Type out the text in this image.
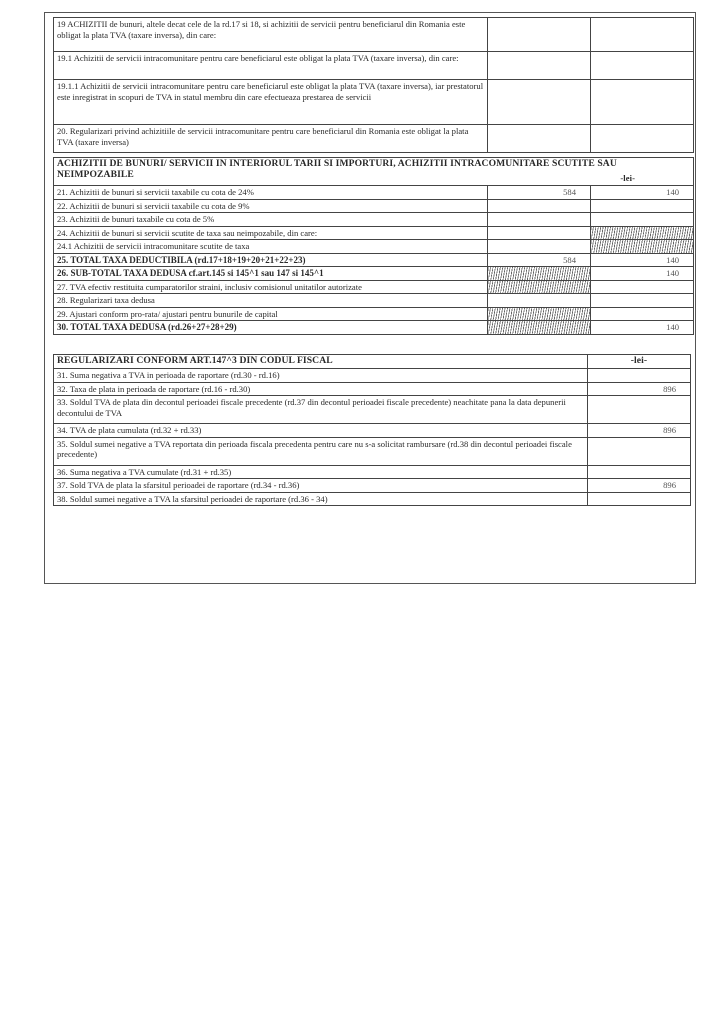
19 ACHIZITII de bunuri, altele decat cele de la rd.17 si 18, si achizitii de servicii pentru beneficiarul din Romania este obligat la plata TVA (taxare inversa), din care:		
19.1 Achizitii de servicii intracomunitare pentru care beneficiarul este obligat la plata TVA (taxare inversa), din care:		
19.1.1 Achizitii de servicii intracomunitare pentru care beneficiarul este obligat la plata TVA (taxare inversa), iar prestatorul este inregistrat in scopuri de TVA in statul membru din care efectueaza prestarea de servicii		
20. Regularizari privind achizitiile de servicii intracomunitare pentru care beneficiarul din Romania este obligat la plata TVA (taxare inversa)		
ACHIZITII DE BUNURI/ SERVICII IN INTERIORUL TARII SI IMPORTURI, ACHIZITII INTRACOMUNITARE SCUTITE SAU NEIMPOZABILE -lei-		

21. Achizitii de bunuri si servicii taxabile cu cota de 24%	584	140
22. Achizitii de bunuri si servicii taxabile cu cota de 9%		
23. Achizitii de bunuri taxabile cu cota de 5%		
24. Achizitii de bunuri si servicii scutite de taxa sau neimpozabile, din care:		
24.1 Achizitii de servicii intracomunitare scutite de taxa		
25. TOTAL TAXA DEDUCTIBILA (rd.17+18+19+20+21+22+23)	584	140
26. SUB-TOTAL TAXA DEDUSA cf.art.145 si 145^1 sau 147 si 145^1		140
27. TVA efectiv restituita cumparatorilor straini, inclusiv comisionul unitatilor autorizate		
28. Regularizari taxa dedusa		
29. Ajustari conform pro-rata/ ajustari pentru bunurile de capital		
30. TOTAL TAXA DEDUSA (rd.26+27+28+29)		140
REGULARIZARI CONFORM ART.147^3 DIN CODUL FISCAL	-lei-
31. Suma negativa a TVA in perioada de raportare (rd.30 - rd.16)	
32. Taxa de plata in perioada de raportare (rd.16 - rd.30)	896
33. Soldul TVA de plata din decontul perioadei fiscale precedente (rd.37 din decontul perioadei fiscale precedente) neachitate pana la data depunerii decontului de TVA	
34. TVA de plata cumulata (rd.32 + rd.33)	896
35. Soldul sumei negative a TVA reportata din perioada fiscala precedenta pentru care nu s-a solicitat rambursare (rd.38 din decontul perioadei fiscale precedente)	
36. Suma negativa a TVA cumulate (rd.31 + rd.35)	
37. Sold TVA de plata la sfarsitul perioadei de raportare (rd.34 - rd.36)	896
38. Soldul sumei negative a TVA la sfarsitul perioadei de raportare (rd.36 - 34)	
